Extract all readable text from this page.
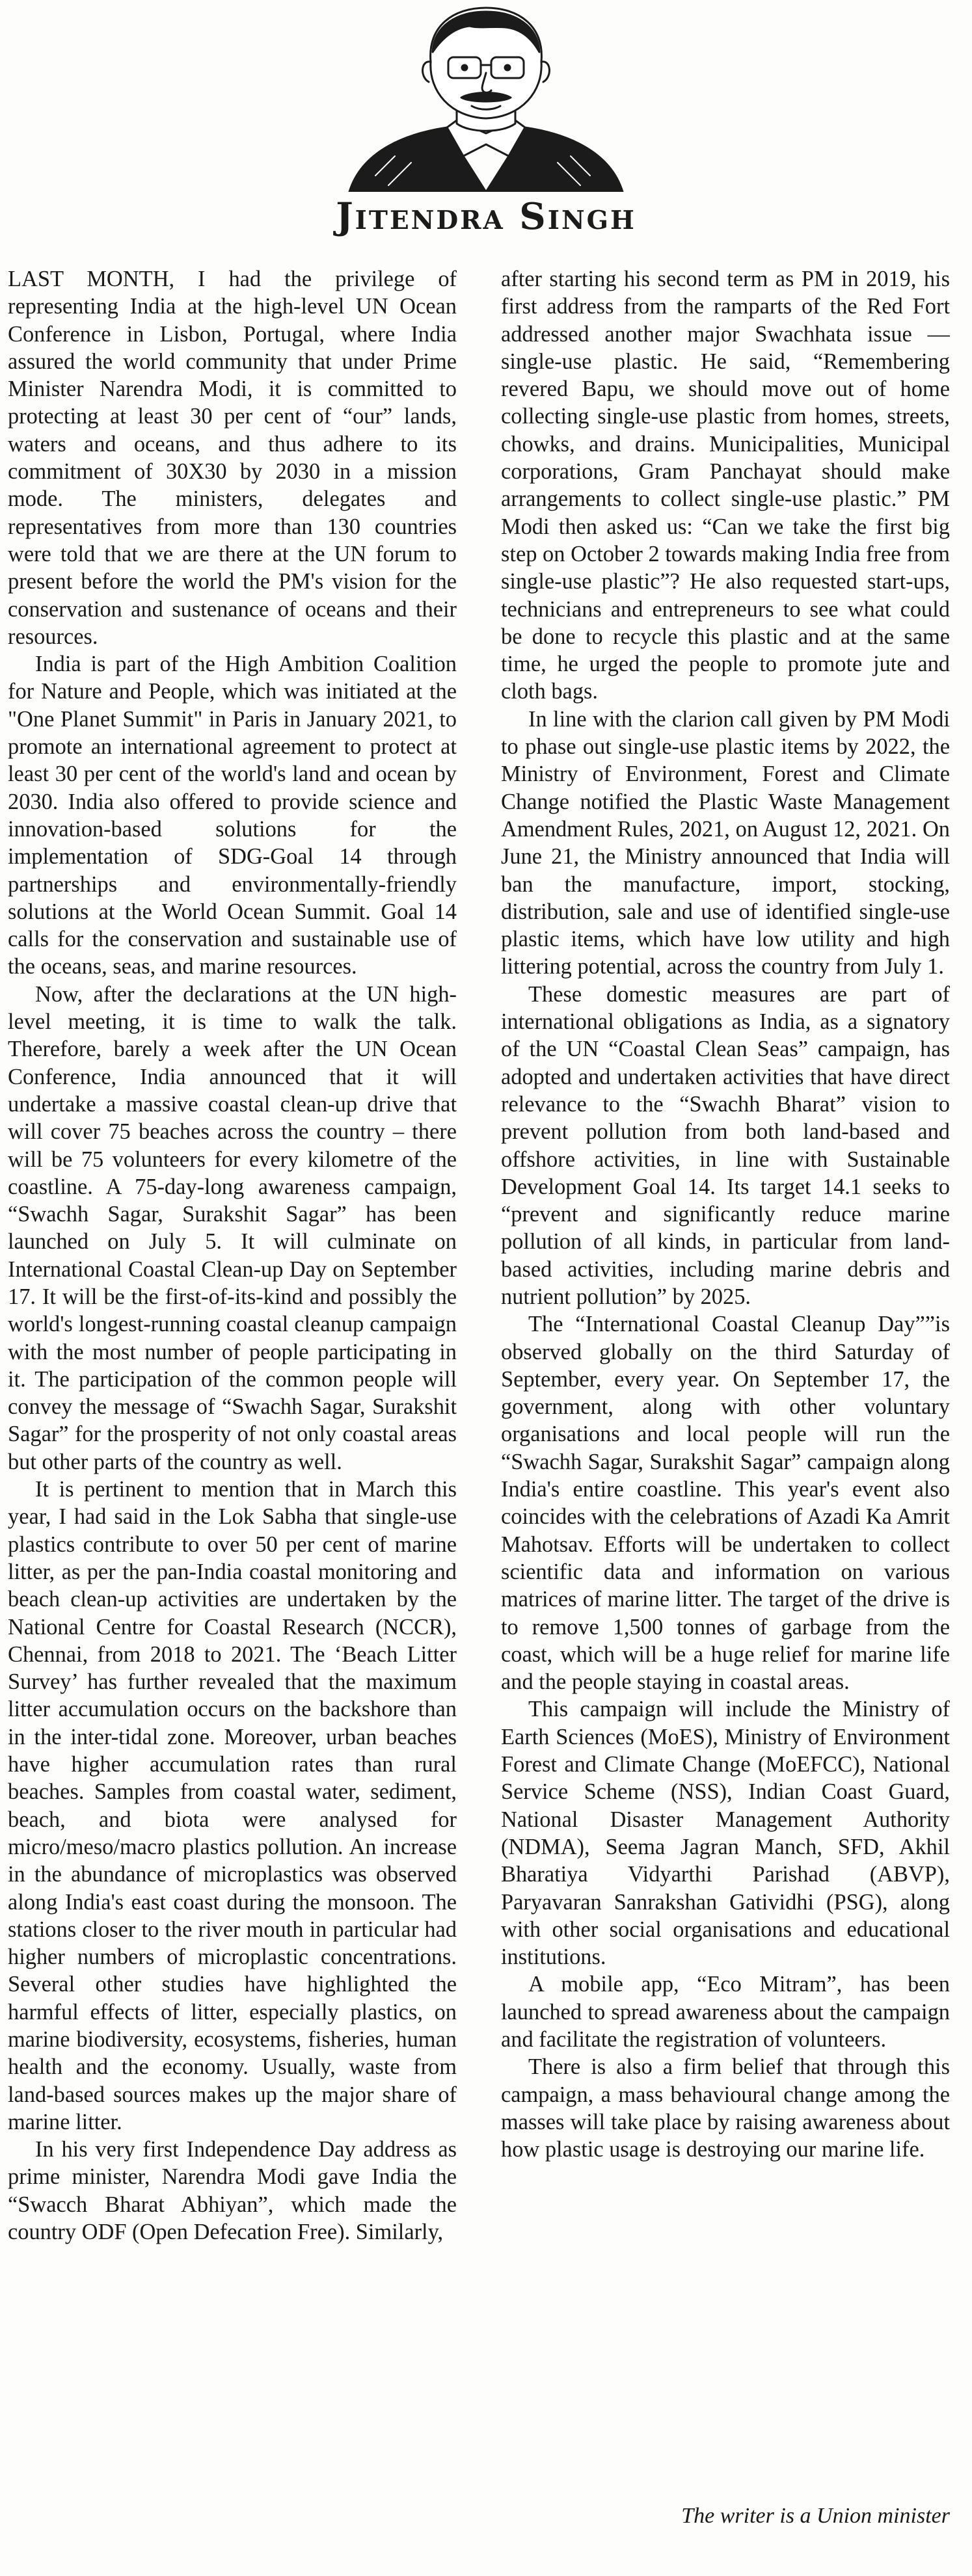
Jitendra Singh

LAST MONTH, I had the privilege of representing India at the high-level UN Ocean Conference in Lisbon, Portugal, where India assured the world community that under Prime Minister Narendra Modi, it is committed to protecting at least 30 per cent of “our” lands, waters and oceans, and thus adhere to its commitment of 30X30 by 2030 in a mission mode. The ministers, delegates and representatives from more than 130 countries were told that we are there at the UN forum to present before the world the PM's vision for the conservation and sustenance of oceans and their resources.

India is part of the High Ambition Coalition for Nature and People, which was initiated at the "One Planet Summit" in Paris in January 2021, to promote an international agreement to protect at least 30 per cent of the world's land and ocean by 2030. India also offered to provide science and innovation-based solutions for the implementation of SDG-Goal 14 through partnerships and environmentally-friendly solutions at the World Ocean Summit. Goal 14 calls for the conservation and sustainable use of the oceans, seas, and marine resources.

Now, after the declarations at the UN high-level meeting, it is time to walk the talk. Therefore, barely a week after the UN Ocean Conference, India announced that it will undertake a massive coastal clean-up drive that will cover 75 beaches across the country – there will be 75 volunteers for every kilometre of the coastline. A 75-day-long awareness campaign, “Swachh Sagar, Surakshit Sagar” has been launched on July 5. It will culminate on International Coastal Clean-up Day on September 17. It will be the first-of-its-kind and possibly the world's longest-running coastal cleanup campaign with the most number of people participating in it. The participation of the common people will convey the message of “Swachh Sagar, Surakshit Sagar” for the prosperity of not only coastal areas but other parts of the country as well.

It is pertinent to mention that in March this year, I had said in the Lok Sabha that single-use plastics contribute to over 50 per cent of marine litter, as per the pan-India coastal monitoring and beach clean-up activities are undertaken by the National Centre for Coastal Research (NCCR), Chennai, from 2018 to 2021. The ‘Beach Litter Survey’ has further revealed that the maximum litter accumulation occurs on the backshore than in the inter-tidal zone. Moreover, urban beaches have higher accumulation rates than rural beaches. Samples from coastal water, sediment, beach, and biota were analysed for micro/meso/macro plastics pollution. An increase in the abundance of microplastics was observed along India's east coast during the monsoon. The stations closer to the river mouth in particular had higher numbers of microplastic concentrations. Several other studies have highlighted the harmful effects of litter, especially plastics, on marine biodiversity, ecosystems, fisheries, human health and the economy. Usually, waste from land-based sources makes up the major share of marine litter.

In his very first Independence Day address as prime minister, Narendra Modi gave India the “Swacch Bharat Abhiyan”, which made the country ODF (Open Defecation Free). Similarly,

after starting his second term as PM in 2019, his first address from the ramparts of the Red Fort addressed another major Swachhata issue — single-use plastic. He said, “Remembering revered Bapu, we should move out of home collecting single-use plastic from homes, streets, chowks, and drains. Municipalities, Municipal corporations, Gram Panchayat should make arrangements to collect single-use plastic.” PM Modi then asked us: “Can we take the first big step on October 2 towards making India free from single-use plastic”? He also requested start-ups, technicians and entrepreneurs to see what could be done to recycle this plastic and at the same time, he urged the people to promote jute and cloth bags.

In line with the clarion call given by PM Modi to phase out single-use plastic items by 2022, the Ministry of Environment, Forest and Climate Change notified the Plastic Waste Management Amendment Rules, 2021, on August 12, 2021. On June 21, the Ministry announced that India will ban the manufacture, import, stocking, distribution, sale and use of identified single-use plastic items, which have low utility and high littering potential, across the country from July 1.

These domestic measures are part of international obligations as India, as a signatory of the UN “Coastal Clean Seas” campaign, has adopted and undertaken activities that have direct relevance to the “Swachh Bharat” vision to prevent pollution from both land-based and offshore activities, in line with Sustainable Development Goal 14. Its target 14.1 seeks to “prevent and significantly reduce marine pollution of all kinds, in particular from land-based activities, including marine debris and nutrient pollution” by 2025.

The “International Coastal Cleanup Day””is observed globally on the third Saturday of September, every year. On September 17, the government, along with other voluntary organisations and local people will run the “Swachh Sagar, Surakshit Sagar” campaign along India's entire coastline. This year's event also coincides with the celebrations of Azadi Ka Amrit Mahotsav. Efforts will be undertaken to collect scientific data and information on various matrices of marine litter. The target of the drive is to remove 1,500 tonnes of garbage from the coast, which will be a huge relief for marine life and the people staying in coastal areas.

This campaign will include the Ministry of Earth Sciences (MoES), Ministry of Environment Forest and Climate Change (MoEFCC), National Service Scheme (NSS), Indian Coast Guard, National Disaster Management Authority (NDMA), Seema Jagran Manch, SFD, Akhil Bharatiya Vidyarthi Parishad (ABVP), Paryavaran Sanrakshan Gatividhi (PSG), along with other social organisations and educational institutions.

A mobile app, “Eco Mitram”, has been launched to spread awareness about the campaign and facilitate the registration of volunteers.

There is also a firm belief that through this campaign, a mass behavioural change among the masses will take place by raising awareness about how plastic usage is destroying our marine life.

The writer is a Union minister
